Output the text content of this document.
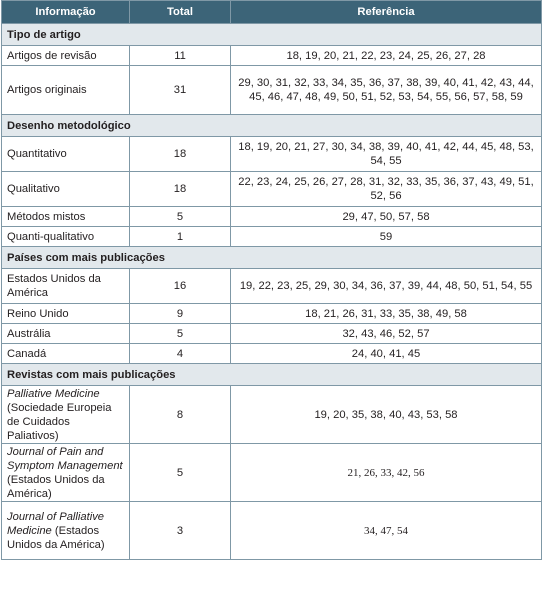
Informação	Total	Referência
Tipo de artigo		
Artigos de revisão	11	18, 19, 20, 21, 22, 23, 24, 25, 26, 27, 28
Artigos originais	31	29, 30, 31, 32, 33, 34, 35, 36, 37, 38, 39, 40, 41, 42, 43, 44, 45, 46, 47, 48, 49, 50, 51, 52, 53, 54, 55, 56, 57, 58, 59
Desenho metodológico		
Quantitativo	18	18, 19, 20, 21, 27, 30, 34, 38, 39, 40, 41, 42, 44, 45, 48, 53, 54, 55
Qualitativo	18	22, 23, 24, 25, 26, 27, 28, 31, 32, 33, 35, 36, 37, 43, 49, 51, 52, 56
Métodos mistos	5	29, 47, 50, 57, 58
Quanti-qualitativo	1	59
Países com mais publicações		
Estados Unidos da América	16	19, 22, 23, 25, 29, 30, 34, 36, 37, 39, 44, 48, 50, 51, 54, 55
Reino Unido	9	18, 21, 26, 31, 33, 35, 38, 49, 58
Austrália	5	32, 43, 46, 52, 57
Canadá	4	24, 40, 41, 45
Revistas com mais publicações		
Palliative Medicine
(Sociedade Europeia de Cuidados Paliativos)	8	19, 20, 35, 38, 40, 43, 53, 58
Journal of Pain and Symptom Management
(Estados Unidos da América)	5	21, 26, 33, 42, 56
Journal of Palliative Medicine (Estados Unidos da América)	3	34, 47, 54
